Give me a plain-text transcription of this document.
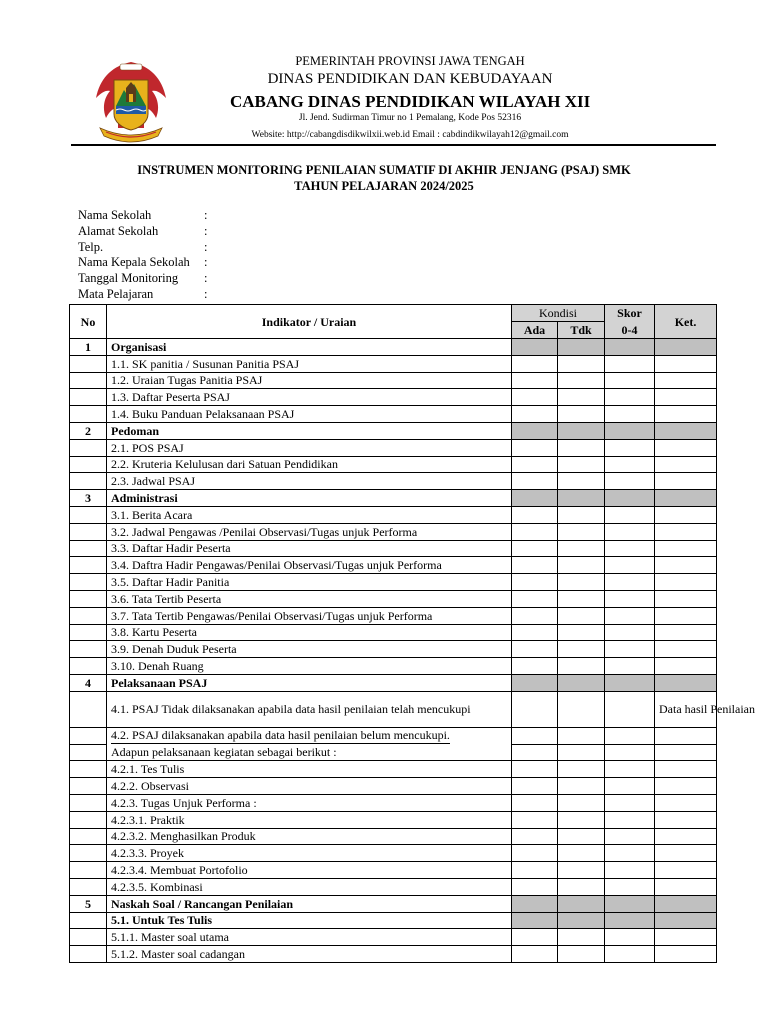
PEMERINTAH PROVINSI JAWA TENGAH
DINAS PENDIDIKAN DAN KEBUDAYAAN
CABANG DINAS PENDIDIKAN WILAYAH XII
Jl. Jend. Sudirman Timur no 1 Pemalang, Kode Pos 52316
Website: http://cabangdisdikwilxii.web.id Email : cabdindikwilayah12@gmail.com
INSTRUMEN MONITORING PENILAIAN SUMATIF DI AKHIR JENJANG (PSAJ) SMK
TAHUN PELAJARAN 2024/2025
Nama Sekolah	:
Alamat Sekolah	:
Telp.	:
Nama Kepala Sekolah :
Tanggal Monitoring :
Mata Pelajaran	:
No	Indikator / Uraian	Kondisi		Skor	Ket.
		Ada	Tdk	0-4	
1	Organisasi				
	1.1. SK panitia / Susunan Panitia PSAJ				
	1.2. Uraian Tugas Panitia PSAJ				
	1.3. Daftar Peserta PSAJ				
	1.4. Buku Panduan Pelaksanaan PSAJ				
2	Pedoman				
	2.1. POS PSAJ				
	2.2. Kruteria Kelulusan dari Satuan Pendidikan				
	2.3. Jadwal PSAJ				
3	Administrasi				
	3.1. Berita Acara				
	3.2. Jadwal Pengawas /Penilai Observasi/Tugas unjuk Performa				
	3.3. Daftar Hadir Peserta				
	3.4. Daftra Hadir Pengawas/Penilai Observasi/Tugas unjuk Performa				
	3.5. Daftar Hadir Panitia				
	3.6. Tata Tertib Peserta				
	3.7. Tata Tertib Pengawas/Penilai Observasi/Tugas unjuk Performa				
	3.8. Kartu Peserta				
	3.9. Denah Duduk Peserta				
	3.10. Denah Ruang				
4	Pelaksanaan PSAJ				
	4.1. PSAJ Tidak dilaksanakan apabila data hasil penilaian telah mencukupi				Data hasil Penilaian
	4.2. PSAJ dilaksanakan apabila data hasil penilaian belum mencukupi.				
	Adapun pelaksanaan kegiatan sebagai berikut :				
	4.2.1. Tes Tulis				
	4.2.2. Observasi				
	4.2.3. Tugas Unjuk Performa :				
	4.2.3.1. Praktik				
	4.2.3.2. Menghasilkan Produk				
	4.2.3.3. Proyek				
	4.2.3.4. Membuat Portofolio				
	4.2.3.5. Kombinasi				
5	Naskah Soal / Rancangan Penilaian				
	5.1. Untuk Tes Tulis				
	5.1.1. Master soal utama				
	5.1.2. Master soal cadangan				
